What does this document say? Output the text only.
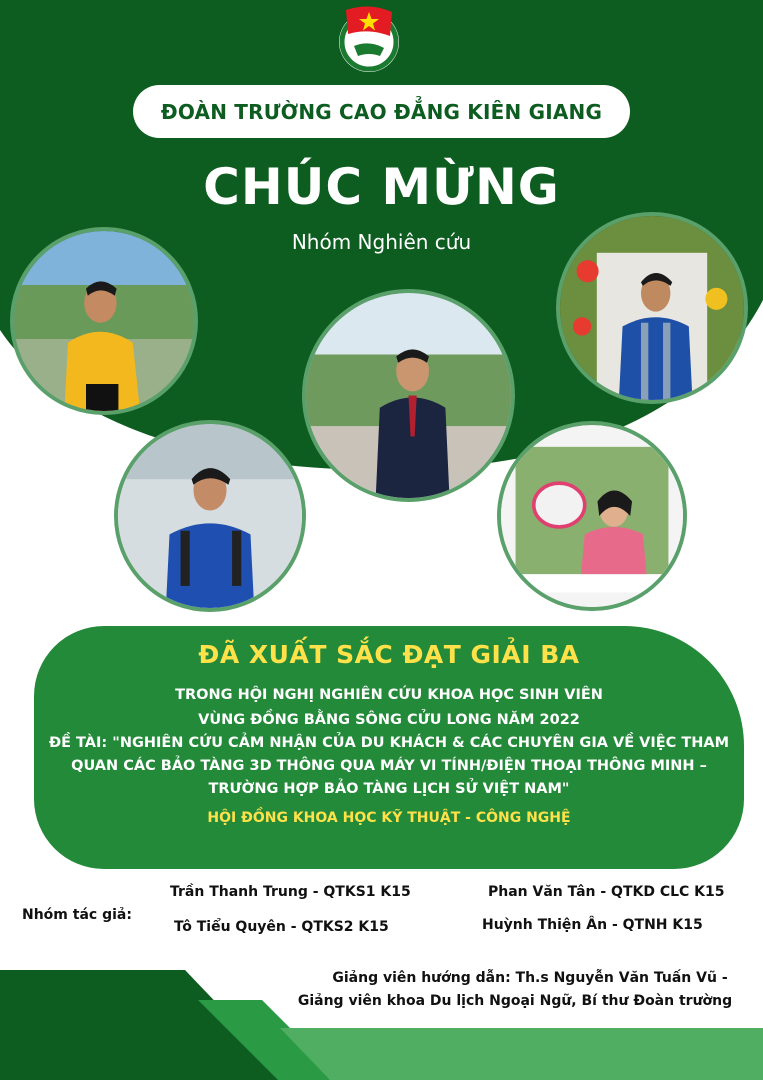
ĐOÀN TRƯỜNG CAO ĐẲNG KIÊN GIANG
CHÚC MỪNG
Nhóm Nghiên cứu
ĐÃ XUẤT SẮC ĐẠT GIẢI BA
TRONG HỘI NGHỊ NGHIÊN CỨU KHOA HỌC SINH VIÊN
VÙNG ĐỒNG BẰNG SÔNG CỬU LONG NĂM 2022
ĐỀ TÀI: "NGHIÊN CỨU CẢM NHẬN CỦA DU KHÁCH & CÁC CHUYÊN GIA VỀ VIỆC THAM
QUAN CÁC BẢO TÀNG 3D THÔNG QUA MÁY VI TÍNH/ĐIỆN THOẠI THÔNG MINH –
TRƯỜNG HỢP BẢO TÀNG LỊCH SỬ VIỆT NAM"
HỘI ĐỒNG KHOA HỌC KỸ THUẬT - CÔNG NGHỆ
Nhóm tác giả:
Trần Thanh Trung - QTKS1 K15	Phan Văn Tân - QTKD CLC K15
Tô Tiểu Quyên - QTKS2 K15	Huỳnh Thiện Ân - QTNH K15
Giảng viên hướng dẫn: Th.s Nguyễn Văn Tuấn Vũ -
Giảng viên khoa Du lịch Ngoại Ngữ, Bí thư Đoàn trường
